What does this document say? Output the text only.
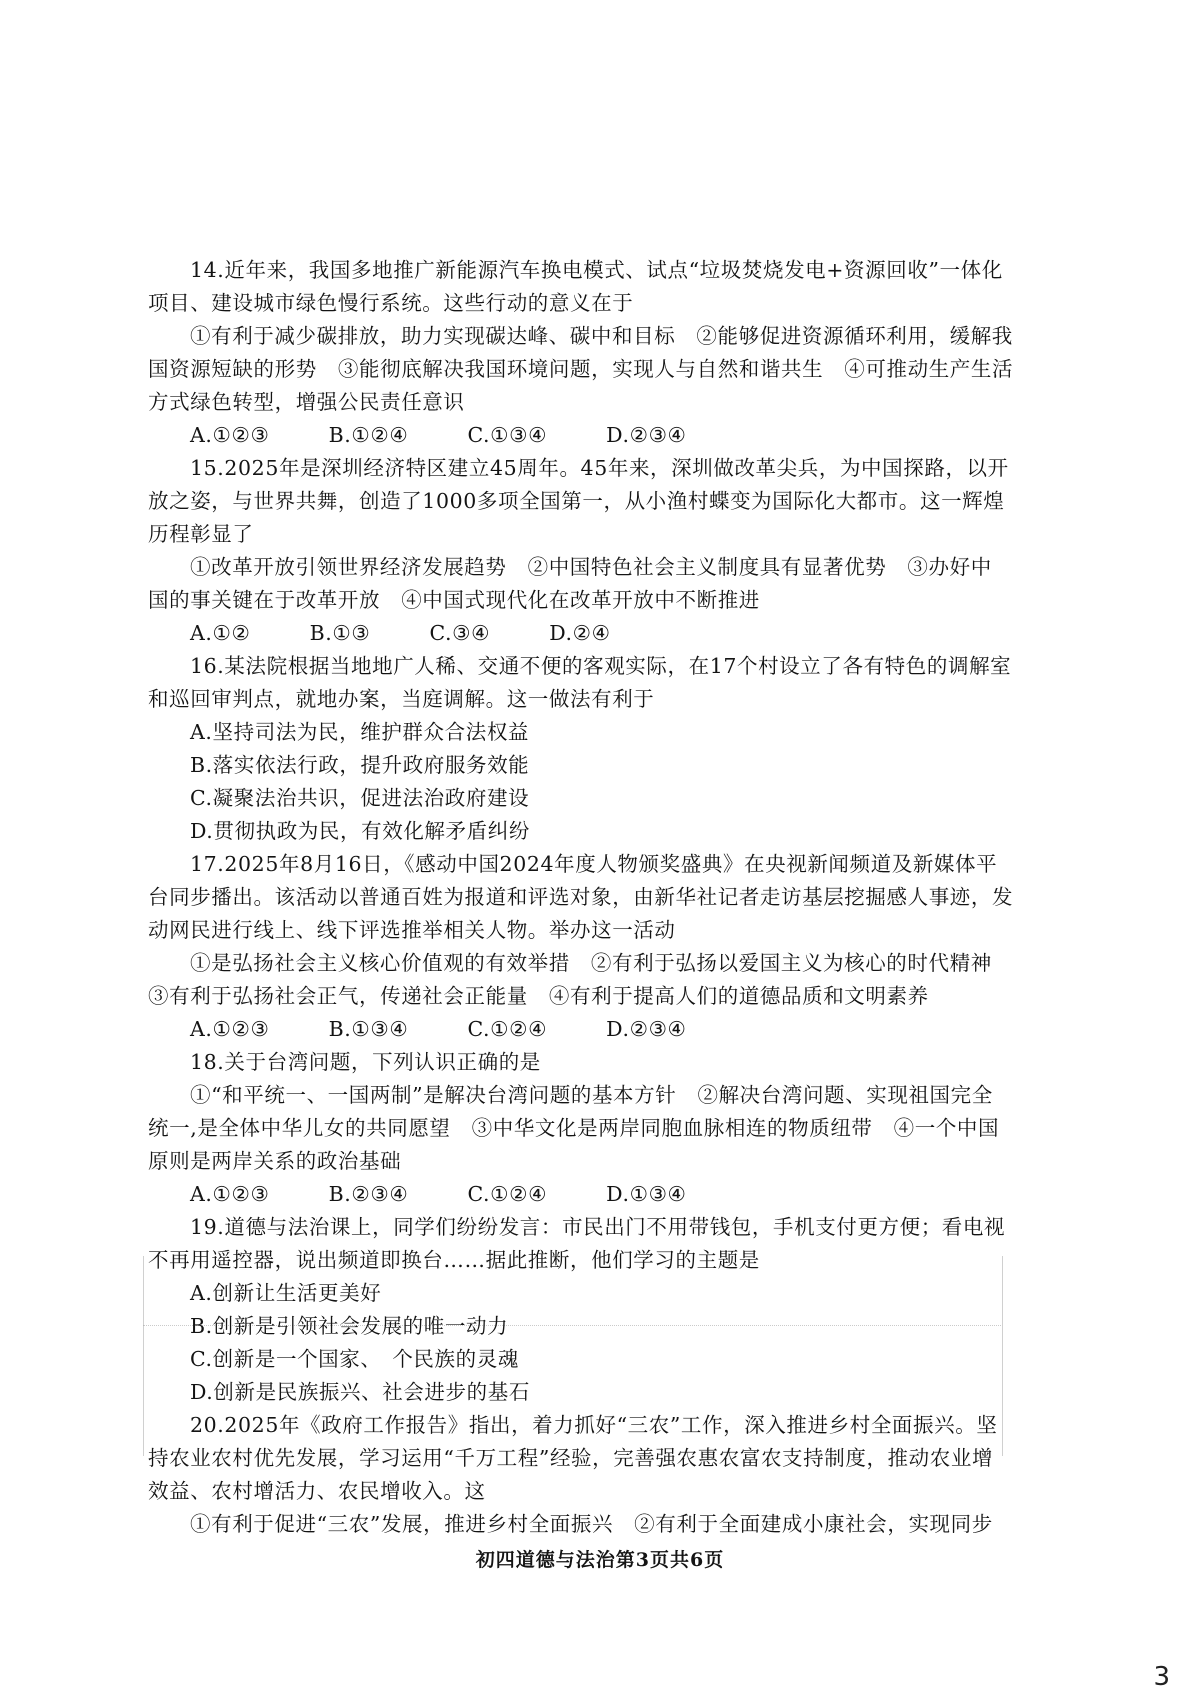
14.近年来，我国多地推广新能源汽车换电模式、试点“垃圾焚烧发电+资源回收”一体化
项目、建设城市绿色慢行系统。这些行动的意义在于
①有利于减少碳排放，助力实现碳达峰、碳中和目标　②能够促进资源循环利用，缓解我
国资源短缺的形势　③能彻底解决我国环境问题，实现人与自然和谐共生　④可推动生产生活
方式绿色转型，增强公民责任意识
A.①②③	B.①②④	C.①③④	D.②③④
15.2025年是深圳经济特区建立45周年。45年来，深圳做改革尖兵，为中国探路，以开
放之姿，与世界共舞，创造了1000多项全国第一，从小渔村蝶变为国际化大都市。这一辉煌
历程彰显了
①改革开放引领世界经济发展趋势　②中国特色社会主义制度具有显著优势　③办好中
国的事关键在于改革开放　④中国式现代化在改革开放中不断推进
A.①②	B.①③	C.③④	D.②④
16.某法院根据当地地广人稀、交通不便的客观实际，在17个村设立了各有特色的调解室
和巡回审判点，就地办案，当庭调解。这一做法有利于
A.坚持司法为民，维护群众合法权益
B.落实依法行政，提升政府服务效能
C.凝聚法治共识，促进法治政府建设
D.贯彻执政为民，有效化解矛盾纠纷
17.2025年8月16日，《感动中国2024年度人物颁奖盛典》在央视新闻频道及新媒体平
台同步播出。该活动以普通百姓为报道和评选对象，由新华社记者走访基层挖掘感人事迹，发
动网民进行线上、线下评选推举相关人物。举办这一活动
①是弘扬社会主义核心价值观的有效举措　②有利于弘扬以爱国主义为核心的时代精神
③有利于弘扬社会正气，传递社会正能量　④有利于提高人们的道德品质和文明素养
A.①②③	B.①③④	C.①②④	D.②③④
18.关于台湾问题，下列认识正确的是
①“和平统一、一国两制”是解决台湾问题的基本方针　②解决台湾问题、实现祖国完全
统一,是全体中华儿女的共同愿望　③中华文化是两岸同胞血脉相连的物质纽带　④一个中国
原则是两岸关系的政治基础
A.①②③	B.②③④	C.①②④	D.①③④
19.道德与法治课上，同学们纷纷发言：市民出门不用带钱包，手机支付更方便；看电视
不再用遥控器，说出频道即换台……据此推断，他们学习的主题是
A.创新让生活更美好
B.创新是引领社会发展的唯一动力
C.创新是一个国家、　个民族的灵魂
D.创新是民族振兴、社会进步的基石
20.2025年《政府工作报告》指出，着力抓好“三农”工作，深入推进乡村全面振兴。坚
持农业农村优先发展，学习运用“千万工程”经验，完善强农惠农富农支持制度，推动农业增
效益、农村增活力、农民增收入。这
①有利于促进“三农”发展，推进乡村全面振兴　②有利于全面建成小康社会，实现同步
初四道德与法治第3页共6页
3
